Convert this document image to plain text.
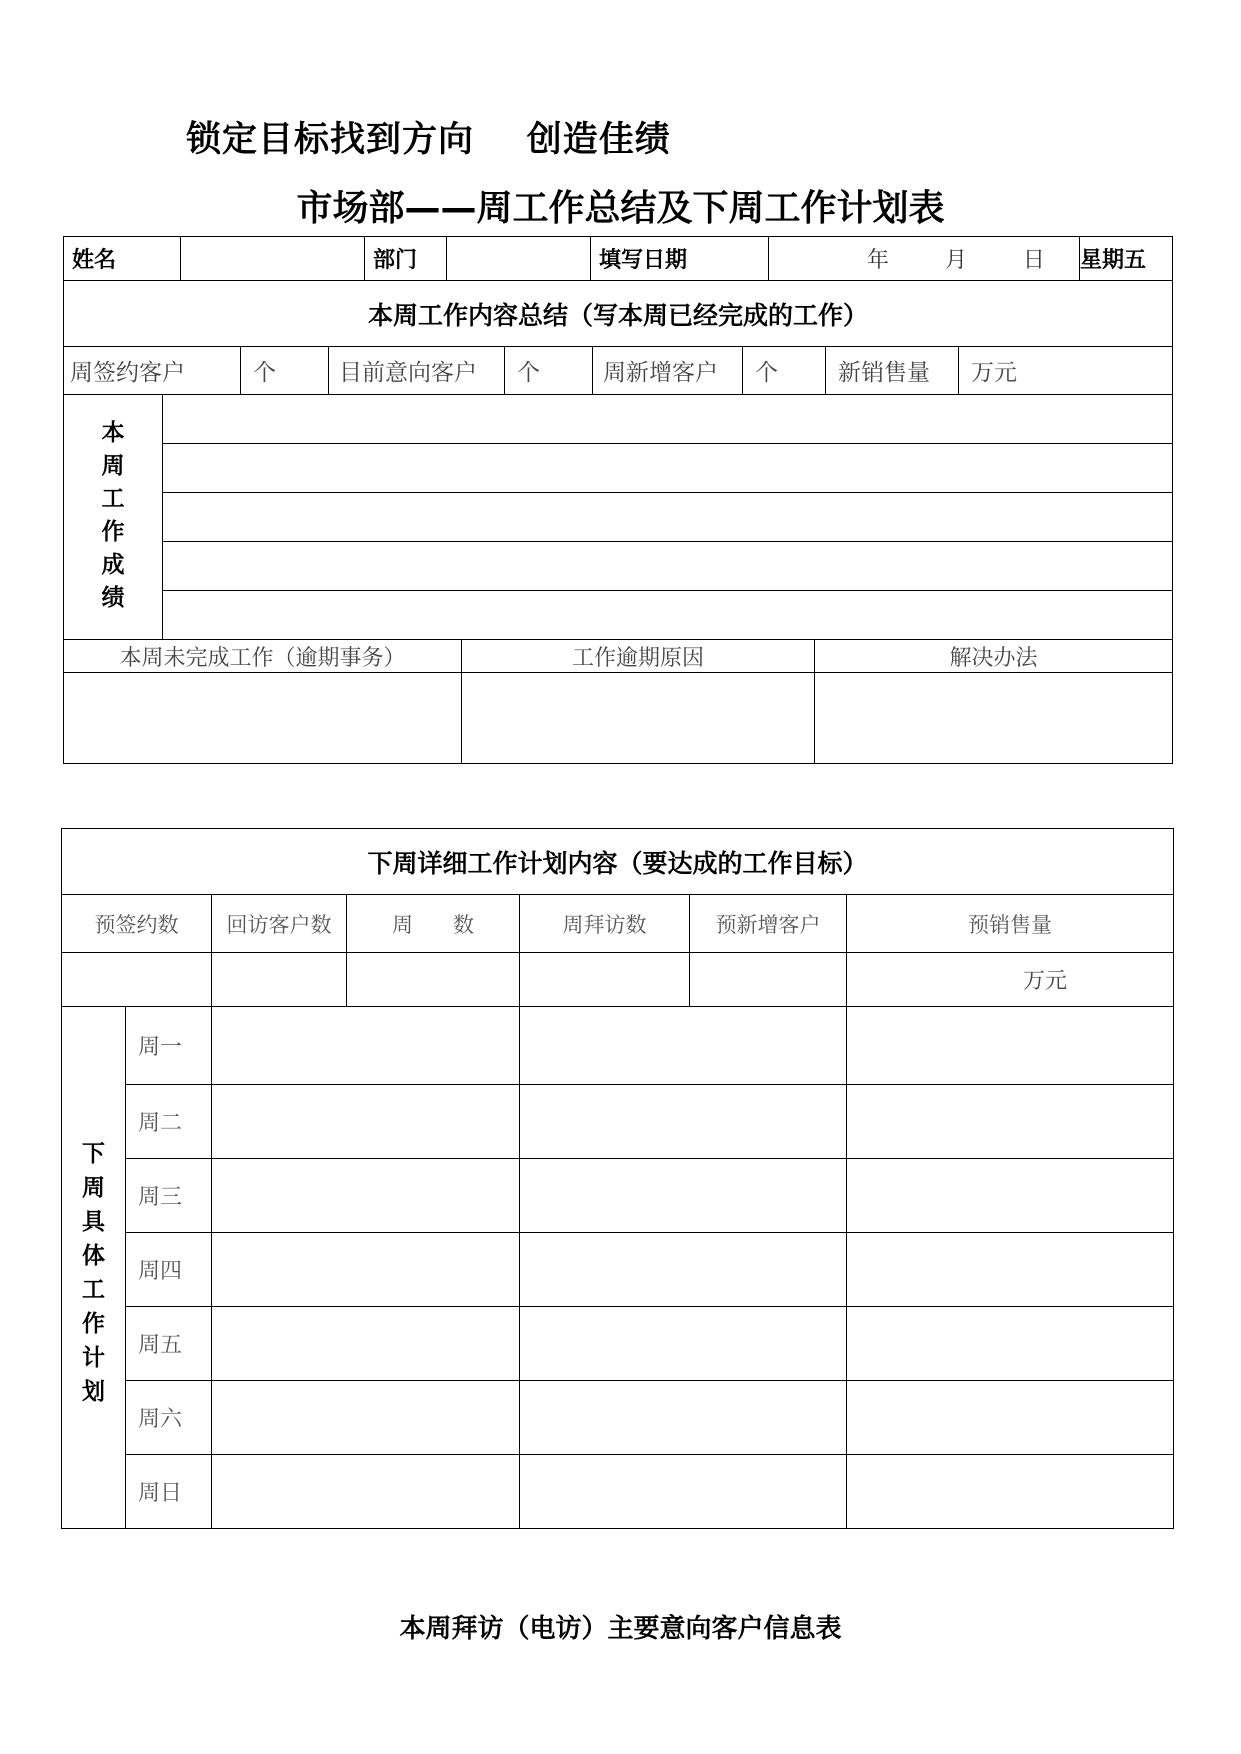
锁定目标找到方向    创造佳绩
市场部——周工作总结及下周工作计划表
姓名		部门		填写日期	年        月        日	星期五
本周工作内容总结（写本周已经完成的工作）
周签约客户	个	目前意向客户	个	周新增客户	个	新销售量	万元
本周工作成绩

本周未完成工作（逾期事务）	工作逾期原因	解决办法

下周详细工作计划内容（要达成的工作目标）					
预签约数	回访客户数	周      数	周拜访数	预新增客户	预销售量
					万元
下周具体工作计划	周一			
	周二			
	周三			
	周四			
	周五			
	周六			
	周日			
本周拜访（电访）主要意向客户信息表
